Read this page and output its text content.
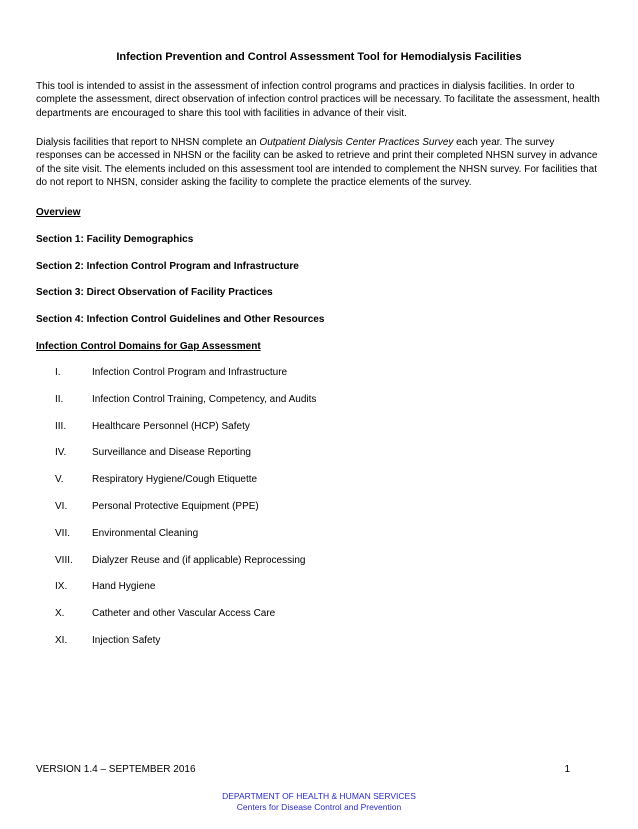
Infection Prevention and Control Assessment Tool for Hemodialysis Facilities

This tool is intended to assist in the assessment of infection control programs and practices in dialysis facilities. In order to complete the assessment, direct observation of infection control practices will be necessary. To facilitate the assessment, health departments are encouraged to share this tool with facilities in advance of their visit.

Dialysis facilities that report to NHSN complete an Outpatient Dialysis Center Practices Survey each year. The survey responses can be accessed in NHSN or the facility can be asked to retrieve and print their completed NHSN survey in advance of the site visit. The elements included on this assessment tool are intended to complement the NHSN survey. For facilities that do not report to NHSN, consider asking the facility to complete the practice elements of the survey.

Overview
Section 1: Facility Demographics
Section 2: Infection Control Program and Infrastructure
Section 3: Direct Observation of Facility Practices
Section 4: Infection Control Guidelines and Other Resources
Infection Control Domains for Gap Assessment
I.	Infection Control Program and Infrastructure
II.	Infection Control Training, Competency, and Audits
III.	Healthcare Personnel (HCP) Safety
IV.	Surveillance and Disease Reporting
V.	Respiratory Hygiene/Cough Etiquette
VI. Personal Protective Equipment (PPE)
VII. Environmental Cleaning
VIII. Dialyzer Reuse and (if applicable) Reprocessing
IX. Hand Hygiene
X.	Catheter and other Vascular Access Care
XI. Injection Safety
VERSION 1.4 – SEPTEMBER 2016	1
DEPARTMENT OF HEALTH & HUMAN SERVICES
Centers for Disease Control and Prevention
